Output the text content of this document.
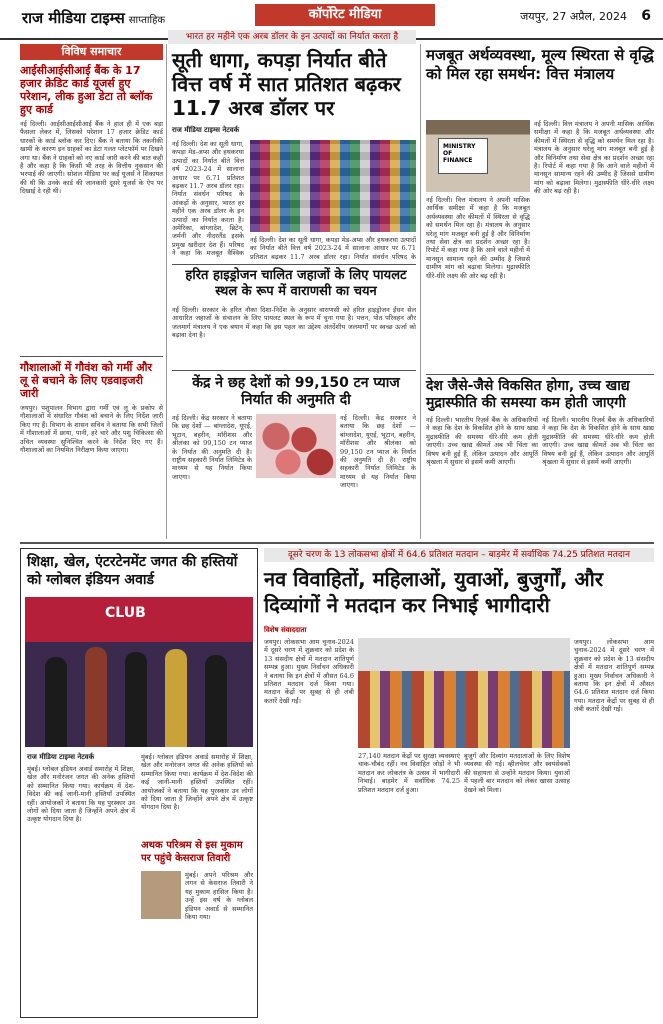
राज मीडिया टाइम्स साप्ताहिक	कॉर्पोरेट मीडिया	जयपुर, 27 अप्रैल, 2024 6
भारत हर महीने एक अरब डॉलर के इन उत्पादों का निर्यात करता है
विविध समाचार
आईसीआईसीआई बैंक के 17 हजार क्रेडिट कार्ड यूजर्स हुए परेशान, लीक हुआ डेटा तो ब्लॉक हुए कार्ड
नई दिल्ली। आईसीआईसीआई बैंक ने हाल ही में एक बड़ा फैसला लेकर में, लिसको परेशान 17 हजार क्रेडिट कार्ड धारकों के कार्ड ब्लॉक कर दिए। बैंक ने बताया कि तकनीकी खामी के कारण इन ग्राहकों का डेटा गलत प्लेटफॉर्म पर दिखने लगा था। बैंक ने ग्राहकों को नए कार्ड जारी करने की बात कही है और कहा है कि किसी भी तरह के वित्तीय नुकसान की भरपाई की जाएगी। सोशल मीडिया पर कई यूजर्स ने शिकायत की थी कि उनके कार्ड की जानकारी दूसरे यूजर्स के ऐप पर दिखाई दे रही थी।
गौशालाओं में गौवंश को गर्मी और लू से बचाने के लिए एडवाइजरी जारी
जयपुर। पशुपालन विभाग द्वारा गर्मी एवं लू के प्रकोप से गौशालाओं में संधारित गौवंश को बचाने के लिए निर्देश जारी किए गए हैं। विभाग के शासन सचिव ने बताया कि सभी जिलों में गौशालाओं में छाया, पानी, हरे चारे और पशु चिकित्सा की उचित व्यवस्था सुनिश्चित करने के निर्देश दिए गए हैं। गौशालाओं का नियमित निरीक्षण किया जाएगा।
सूती धागा, कपड़ा निर्यात बीते वित्त वर्ष में सात प्रतिशत बढ़कर 11.7 अरब डॉलर पर
राज मीडिया टाइम्स नेटवर्क
नई दिल्ली। देश का सूती धागा, कपड़ा मेड-अप्स और हथकरघा उत्पादों का निर्यात बीते वित्त वर्ष 2023-24 में सालाना आधार पर 6.71 प्रतिशत बढ़कर 11.7 अरब डॉलर रहा। निर्यात संवर्धन परिषद के आंकड़ों के अनुसार, भारत हर महीने एक अरब डॉलर के इन उत्पादों का निर्यात करता है। अमेरिका, बांग्लादेश, ब्रिटेन, जर्मनी और नीदरलैंड इसके प्रमुख खरीदार देश हैं। परिषद ने कहा कि मजबूत वैश्विक
नई दिल्ली। देश का सूती धागा, कपड़ा मेड-अप्स और हथकरघा उत्पादों का निर्यात बीते वित्त वर्ष 2023-24 में सालाना आधार पर 6.71 प्रतिशत बढ़कर 11.7 अरब डॉलर रहा। निर्यात संवर्धन परिषद के
हरित हाइड्रोजन चालित जहाजों के लिए पायलट स्थल के रूप में वाराणसी का चयन
नई दिल्ली। सरकार के हरित नौका दिशा-निर्देश के अनुसार वाराणसी को हरित हाइड्रोजन ईंधन सेल आधारित जहाजों के संचालन के लिए पायलट स्थल के रूप में चुना गया है। पत्तन, पोत परिवहन और जलमार्ग मंत्रालय ने एक बयान में कहा कि इस पहल का उद्देश्य अंतर्देशीय जलमार्गों पर स्वच्छ ऊर्जा को बढ़ावा देना है।
केंद्र ने छह देशों को 99,150 टन प्याज निर्यात की अनुमति दी
नई दिल्ली। केंद्र सरकार ने बताया कि छह देशों — बांग्लादेश, यूएई, भूटान, बहरीन, मॉरीशस और श्रीलंका को 99,150 टन प्याज के निर्यात की अनुमति दी है। राष्ट्रीय सहकारी निर्यात लिमिटेड के माध्यम से यह निर्यात किया जाएगा।
नई दिल्ली। केंद्र सरकार ने बताया कि छह देशों — बांग्लादेश, यूएई, भूटान, बहरीन, मॉरीशस और श्रीलंका को 99,150 टन प्याज के निर्यात की अनुमति दी है। राष्ट्रीय सहकारी निर्यात लिमिटेड के माध्यम से यह निर्यात किया जाएगा।
मजबूत अर्थव्यवस्था, मूल्य स्थिरता से वृद्धि को मिल रहा समर्थन: वित्त मंत्रालय
MINISTRY OF FINANCE
नई दिल्ली। वित्त मंत्रालय ने अपनी मासिक आर्थिक समीक्षा में कहा है कि मजबूत अर्थव्यवस्था और कीमतों में स्थिरता से वृद्धि को समर्थन मिल रहा है। मंत्रालय के अनुसार घरेलू मांग मजबूत बनी हुई है और विनिर्माण तथा सेवा क्षेत्र का प्रदर्शन अच्छा रहा है। रिपोर्ट में कहा गया है कि आने वाले महीनों में मानसून सामान्य रहने की उम्मीद है जिससे ग्रामीण मांग को बढ़ावा मिलेगा। मुद्रास्फीति धीरे-धीरे लक्ष्य की ओर बढ़ रही है।
नई दिल्ली। वित्त मंत्रालय ने अपनी मासिक आर्थिक समीक्षा में कहा है कि मजबूत अर्थव्यवस्था और कीमतों में स्थिरता से वृद्धि को समर्थन मिल रहा है। मंत्रालय के अनुसार घरेलू मांग मजबूत बनी हुई है और विनिर्माण तथा सेवा क्षेत्र का प्रदर्शन अच्छा रहा है। रिपोर्ट में कहा गया है कि आने वाले महीनों में मानसून सामान्य रहने की उम्मीद है जिससे ग्रामीण मांग को बढ़ावा मिलेगा। मुद्रास्फीति धीरे-धीरे लक्ष्य की ओर बढ़ रही है।
देश जैसे-जैसे विकसित होगा, उच्च खाद्य मुद्रास्फीति की समस्या कम होती जाएगी
नई दिल्ली। भारतीय रिज़र्व बैंक के अधिकारियों ने कहा कि देश के विकसित होने के साथ खाद्य मुद्रास्फीति की समस्या धीरे-धीरे कम होती जाएगी। उच्च खाद्य कीमतें अब भी चिंता का विषय बनी हुई हैं, लेकिन उत्पादन और आपूर्ति श्रृंखला में सुधार से इसमें कमी आएगी।
नई दिल्ली। भारतीय रिज़र्व बैंक के अधिकारियों ने कहा कि देश के विकसित होने के साथ खाद्य मुद्रास्फीति की समस्या धीरे-धीरे कम होती जाएगी। उच्च खाद्य कीमतें अब भी चिंता का विषय बनी हुई हैं, लेकिन उत्पादन और आपूर्ति श्रृंखला में सुधार से इसमें कमी आएगी।
शिक्षा, खेल, एंटरटेनमेंट जगत की हस्तियों को ग्लोबल इंडियन अवार्ड
CLUB
राज मीडिया टाइम्स नेटवर्क
मुंबई। ग्लोबल इंडियन अवार्ड समारोह में शिक्षा, खेल और मनोरंजन जगत की अनेक हस्तियों को सम्मानित किया गया। कार्यक्रम में देश-विदेश की कई जानी-मानी हस्तियाँ उपस्थित रहीं। आयोजकों ने बताया कि यह पुरस्कार उन लोगों को दिया जाता है जिन्होंने अपने क्षेत्र में उत्कृष्ट योगदान दिया है।
मुंबई। ग्लोबल इंडियन अवार्ड समारोह में शिक्षा, खेल और मनोरंजन जगत की अनेक हस्तियों को सम्मानित किया गया। कार्यक्रम में देश-विदेश की कई जानी-मानी हस्तियाँ उपस्थित रहीं। आयोजकों ने बताया कि यह पुरस्कार उन लोगों को दिया जाता है जिन्होंने अपने क्षेत्र में उत्कृष्ट योगदान दिया है।
अथक परिश्रम से इस मुकाम पर पहुंचे केसराज तिवारी
मुंबई। अपने परिश्रम और लगन से केसराज तिवारी ने यह मुकाम हासिल किया है। उन्हें इस वर्ष के ग्लोबल इंडियन अवार्ड से सम्मानित किया गया।
दूसरे चरण के 13 लोकसभा क्षेत्रों में 64.6 प्रतिशत मतदान – बाड़मेर में सर्वाधिक 74.25 प्रतिशत मतदान
नव विवाहितों, महिलाओं, युवाओं, बुजुर्गों, और दिव्यांगों ने मतदान कर निभाई भागीदारी
विशेष संवाददाता
जयपुर। लोकसभा आम चुनाव-2024 में दूसरे चरण में शुक्रवार को प्रदेश के 13 संसदीय क्षेत्रों में मतदान शांतिपूर्ण सम्पन्न हुआ। मुख्य निर्वाचन अधिकारी ने बताया कि इन क्षेत्रों में औसत 64.6 प्रतिशत मतदान दर्ज किया गया। मतदान केंद्रों पर सुबह से ही लंबी कतारें देखी गईं।
27,140 मतदान केंद्रों पर सुरक्षा व्यवस्थाएं चाक-चौबंद रहीं। नव विवाहित जोड़ों ने भी मतदान कर लोकतंत्र के उत्सव में भागीदारी निभाई। बाड़मेर में सर्वाधिक 74.25 प्रतिशत मतदान दर्ज हुआ।
बुजुर्ग और दिव्यांग मतदाताओं के लिए विशेष व्यवस्था की गई। व्हीलचेयर और स्वयंसेवकों की सहायता से उन्होंने मतदान किया। युवाओं में पहली बार मतदान को लेकर खासा उत्साह देखने को मिला।
जयपुर। लोकसभा आम चुनाव-2024 में दूसरे चरण में शुक्रवार को प्रदेश के 13 संसदीय क्षेत्रों में मतदान शांतिपूर्ण सम्पन्न हुआ। मुख्य निर्वाचन अधिकारी ने बताया कि इन क्षेत्रों में औसत 64.6 प्रतिशत मतदान दर्ज किया गया। मतदान केंद्रों पर सुबह से ही लंबी कतारें देखी गईं।
